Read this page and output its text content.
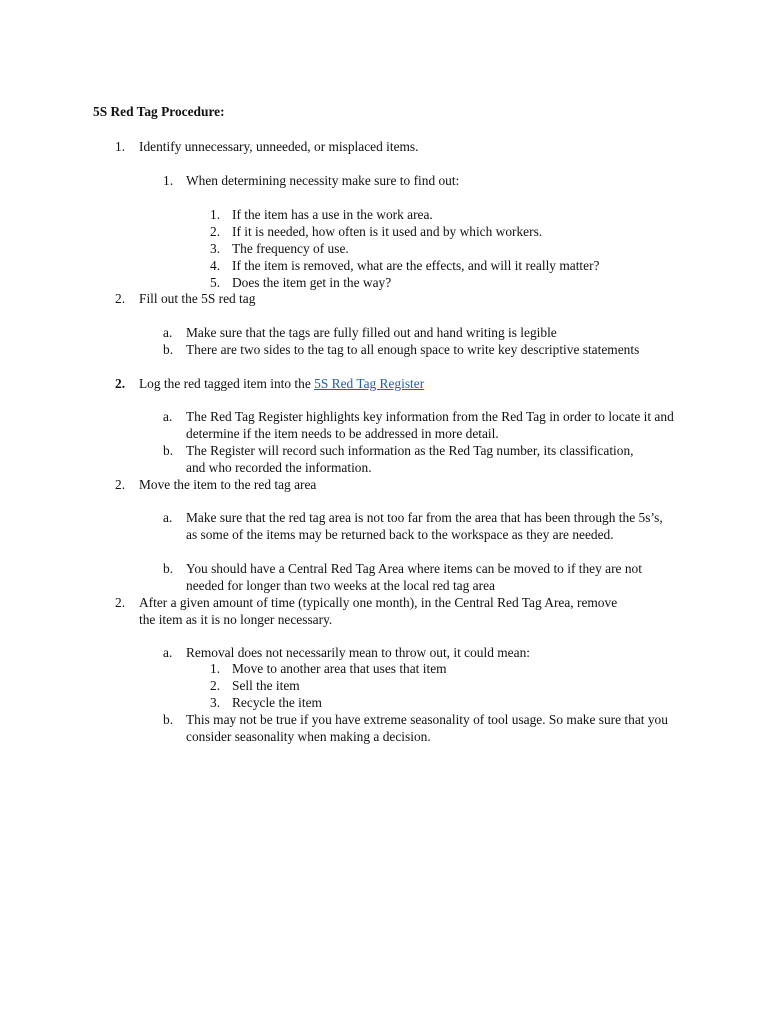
5S Red Tag Procedure:
1. Identify unnecessary, unneeded, or misplaced items.
1. When determining necessity make sure to find out:
1. If the item has a use in the work area.
2. If it is needed, how often is it used and by which workers.
3. The frequency of use.
4. If the item is removed, what are the effects, and will it really matter?
5. Does the item get in the way?
2. Fill out the 5S red tag
a. Make sure that the tags are fully filled out and hand writing is legible
b. There are two sides to the tag to all enough space to write key descriptive statements
2. Log the red tagged item into the 5S Red Tag Register
a. The Red Tag Register highlights key information from the Red Tag in order to locate it and determine if the item needs to be addressed in more detail.
b. The Register will record such information as the Red Tag number, its classification, and who recorded the information.
2. Move the item to the red tag area
a. Make sure that the red tag area is not too far from the area that has been through the 5s’s, as some of the items may be returned back to the workspace as they are needed.
b. You should have a Central Red Tag Area where items can be moved to if they are not needed for longer than two weeks at the local red tag area
2. After a given amount of time (typically one month), in the Central Red Tag Area, remove the item as it is no longer necessary.
a. Removal does not necessarily mean to throw out, it could mean:
1. Move to another area that uses that item
2. Sell the item
3. Recycle the item
b. This may not be true if you have extreme seasonality of tool usage. So make sure that you consider seasonality when making a decision.
